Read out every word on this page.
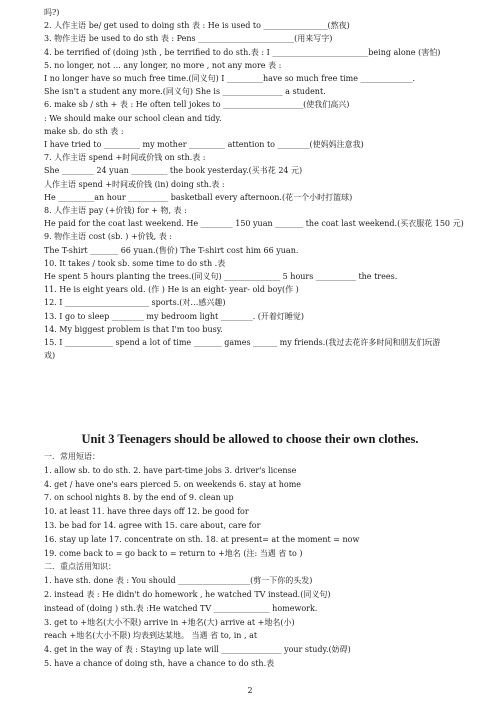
吗?)
2. 人作主语 be/ get used to doing sth 表 : He is used to ________________(熬夜)
3. 物作主语 be used to do sth 表 : Pens ________________________(用来写字)
4. be terrified of (doing )sth , be terrified to do sth.表 : I ________________________being alone (害怕)
5. no longer, not … any longer, no more , not any more 表 :
I no longer have so much free time.(同义句) I _________have so much free time _____________.
She isn't a student any more.(同义句) She is _______________ a student.
6. make sb / sth + 表 : He often tell jokes to ____________________(使我们高兴)
: We should make our school clean and tidy.
make sb. do sth 表 :
I have tried to _________ my mother _________ attention to ________(使妈妈注意我)
7. 人作主语 spend +时间或价钱 on sth.表 :
She ________ 24 yuan _________ the book yesterday.(买书花 24 元)
人作主语 spend +时间或价钱 (in) doing sth.表 :
He _________an hour __________ basketball every afternoon.(花一个小时打篮球)
8. 人作主语 pay (+价钱) for + 物, 表 :
He paid for the coat last weekend. He ________ 150 yuan _______ the coat last weekend.(买衣服花 150 元)
9. 物作主语 cost (sb. ) +价钱, 表 :
The T-shirt _______ 66 yuan.(售价) The T-shirt cost him 66 yuan.
10. It takes / took sb. some time to do sth .表
He spent 5 hours planting the trees.(同义句) ______________ 5 hours __________ the trees.
11. He is eight years old. (作 ) He is an eight- year- old boy(作 )
12. I _____________________ sports.(对…感兴趣)
13. I go to sleep ________ my bedroom light ________. (开着灯睡觉)
14. My biggest problem is that I'm too busy.
15. I ____________ spend a lot of time _______ games ______ my friends.(我过去花许多时间和朋友们玩游
戏)
Unit 3 Teenagers should be allowed to choose their own clothes.
一．常用短语：
1. allow sb. to do sth. 2. have part-time jobs 3. driver's license
4. get / have one's ears pierced 5. on weekends 6. stay at home
7. on school nights 8. by the end of 9. clean up
10. at least 11. have three days off 12. be good for
13. be bad for 14. agree with 15. care about, care for
16. stay up late 17. concentrate on sth. 18. at present= at the moment = now
19. come back to = go back to = return to +地名 (注: 当遇 省 to )
二．重点活用知识：
1. have sth. done 表 : You should __________________(剪一下你的头发)
2. instead 表 : He didn't do homework , he watched TV instead.(同义句)
instead of (doing ) sth.表 :He watched TV ______________ homework.
3. get to +地名(大小不限) arrive in +地名(大) arrive at +地名(小)
reach +地名(大小不限) 均表到达某地。 当遇 省 to, in , at
4. get in the way of 表 : Staying up late will _______________ your study.(妨碍)
5. have a chance of doing sth, have a chance to do sth.表
2
